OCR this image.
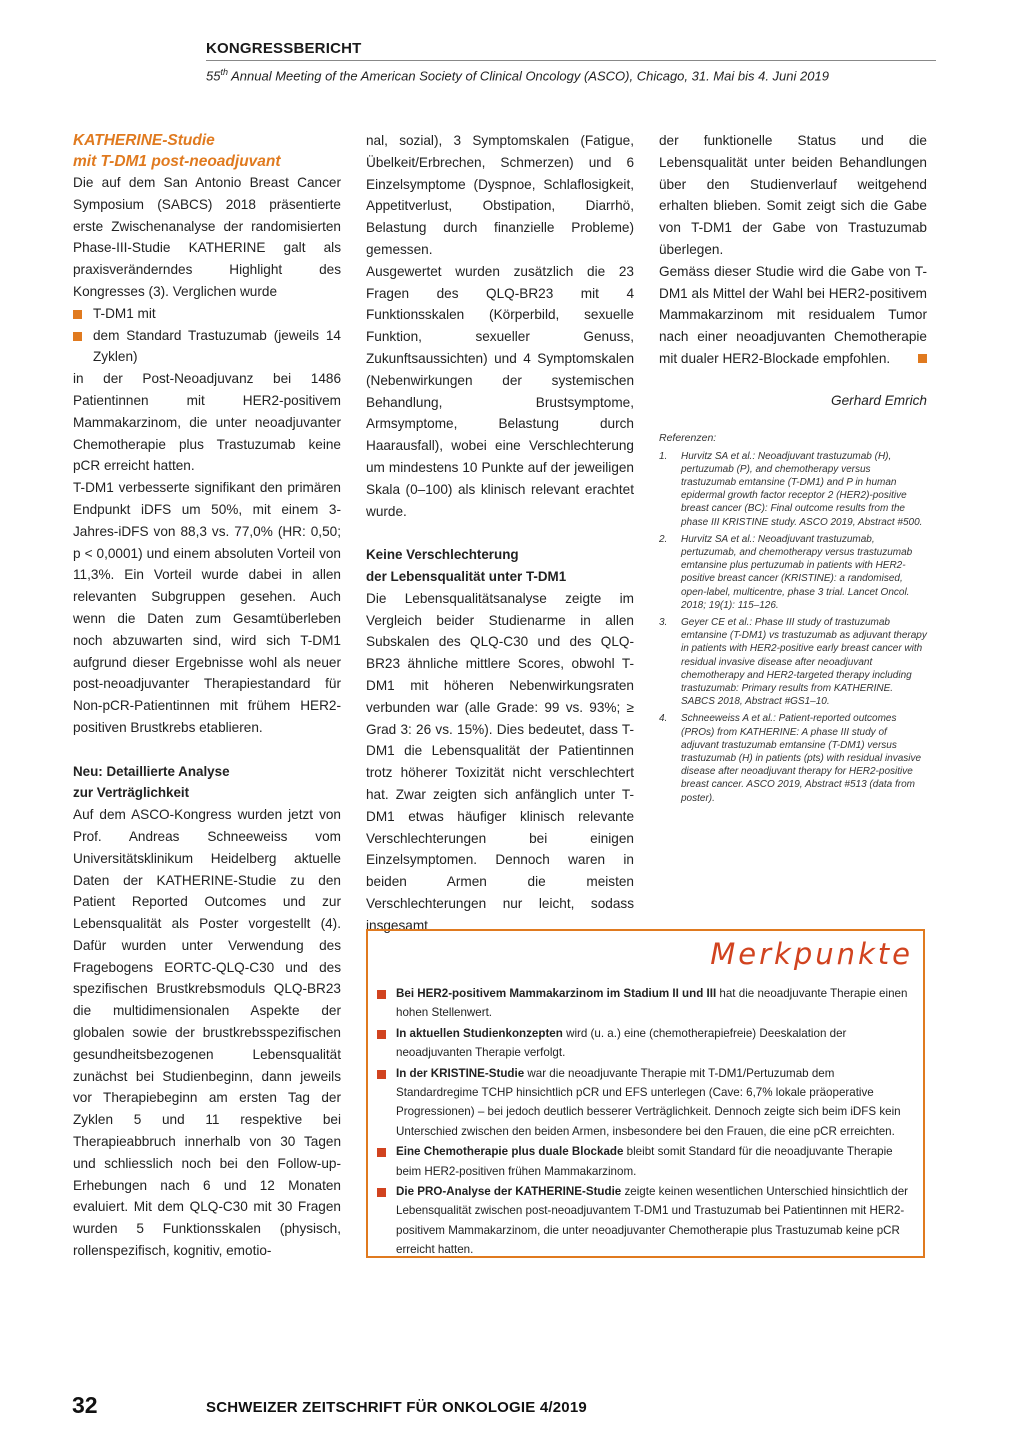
KONGRESSBERICHT
55th Annual Meeting of the American Society of Clinical Oncology (ASCO), Chicago, 31. Mai bis 4. Juni 2019

KATHERINE-Studie

mit T-DM1 post-neoadjuvant

Die auf dem San Antonio Breast Cancer Symposium (SABCS) 2018 präsentierte erste Zwischenanalyse der randomisierten Phase-III-Studie KATHERINE galt als praxisveränderndes Highlight des Kongresses (3). Verglichen wurde

T-DM1 mit

dem Standard Trastuzumab (jeweils 14 Zyklen)

in der Post-Neoadjuvanz bei 1486 Patientinnen mit HER2-positivem Mammakarzinom, die unter neoadjuvanter Chemotherapie plus Trastuzumab keine pCR erreicht hatten.

T-DM1 verbesserte signifikant den primären Endpunkt iDFS um 50%, mit einem 3-Jahres-iDFS von 88,3 vs. 77,0% (HR: 0,50; p < 0,0001) und einem absoluten Vorteil von 11,3%. Ein Vorteil wurde dabei in allen relevanten Subgruppen gesehen. Auch wenn die Daten zum Gesamtüberleben noch abzuwarten sind, wird sich T-DM1 aufgrund dieser Ergebnisse wohl als neuer post-neoadjuvanter Therapiestandard für Non-pCR-Patientinnen mit frühem HER2-positiven Brustkrebs etablieren.

Neu: Detaillierte Analyse

zur Verträglichkeit

Auf dem ASCO-Kongress wurden jetzt von Prof. Andreas Schneeweiss vom Universitätsklinikum Heidelberg aktuelle Daten der KATHERINE-Studie zu den Patient Reported Outcomes und zur Lebensqualität als Poster vorgestellt (4). Dafür wurden unter Verwendung des Fragebogens EORTC-QLQ-C30 und des spezifischen Brustkrebsmoduls QLQ-BR23 die multidimensionalen Aspekte der globalen sowie der brustkrebsspezifischen gesundheitsbezogenen Lebensqualität zunächst bei Studienbeginn, dann jeweils vor Therapiebeginn am ersten Tag der Zyklen 5 und 11 respektive bei Therapieabbruch innerhalb von 30 Tagen und schliesslich noch bei den Follow-up-Erhebungen nach 6 und 12 Monaten evaluiert. Mit dem QLQ-C30 mit 30 Fragen wurden 5 Funktionsskalen (physisch, rollenspezifisch, kognitiv, emotio-

nal, sozial), 3 Symptomskalen (Fatigue, Übelkeit/Erbrechen, Schmerzen) und 6 Einzelsymptome (Dyspnoe, Schlaflosigkeit, Appetitverlust, Obstipation, Diarrhö, Belastung durch finanzielle Probleme) gemessen.

Ausgewertet wurden zusätzlich die 23 Fragen des QLQ-BR23 mit 4 Funktionsskalen (Körperbild, sexuelle Funktion, sexueller Genuss, Zukunftsaussichten) und 4 Symptomskalen (Nebenwirkungen der systemischen Behandlung, Brustsymptome, Armsymptome, Belastung durch Haarausfall), wobei eine Verschlechterung um mindestens 10 Punkte auf der jeweiligen Skala (0–100) als klinisch relevant erachtet wurde.

Keine Verschlechterung

der Lebensqualität unter T-DM1

Die Lebensqualitätsanalyse zeigte im Vergleich beider Studienarme in allen Subskalen des QLQ-C30 und des QLQ-BR23 ähnliche mittlere Scores, obwohl T-DM1 mit höheren Nebenwirkungsraten verbunden war (alle Grade: 99 vs. 93%; ≥ Grad 3: 26 vs. 15%). Dies bedeutet, dass T-DM1 die Lebensqualität der Patientinnen trotz höherer Toxizität nicht verschlechtert hat. Zwar zeigten sich anfänglich unter T-DM1 etwas häufiger klinisch relevante Verschlechterungen bei einigen Einzelsymptomen. Dennoch waren in beiden Armen die meisten Verschlechterungen nur leicht, sodass insgesamt

der funktionelle Status und die Lebensqualität unter beiden Behandlungen über den Studienverlauf weitgehend erhalten blieben. Somit zeigt sich die Gabe von T-DM1 der Gabe von Trastuzumab überlegen.

Gemäss dieser Studie wird die Gabe von T-DM1 als Mittel der Wahl bei HER2-positivem Mammakarzinom mit residualem Tumor nach einer neoadjuvanten Chemotherapie mit dualer HER2-Blockade empfohlen.

Gerhard Emrich

Referenzen:

1. Hurvitz SA et al.: Neoadjuvant trastuzumab (H), pertuzumab (P), and chemotherapy versus trastuzumab emtansine (T-DM1) and P in human epidermal growth factor receptor 2 (HER2)-positive breast cancer (BC): Final outcome results from the phase III KRISTINE study. ASCO 2019, Abstract #500.

2. Hurvitz SA et al.: Neoadjuvant trastuzumab, pertuzumab, and chemotherapy versus trastuzumab emtansine plus pertuzumab in patients with HER2-positive breast cancer (KRISTINE): a randomised, open-label, multicentre, phase 3 trial. Lancet Oncol. 2018; 19(1): 115–126.

3. Geyer CE et al.: Phase III study of trastuzumab emtansine (T-DM1) vs trastuzumab as adjuvant therapy in patients with HER2-positive early breast cancer with residual invasive disease after neoadjuvant chemotherapy and HER2-targeted therapy including trastuzumab: Primary results from KATHERINE. SABCS 2018, Abstract #GS1–10.

4. Schneeweiss A et al.: Patient-reported outcomes (PROs) from KATHERINE: A phase III study of adjuvant trastuzumab emtansine (T-DM1) versus trastuzumab (H) in patients (pts) with residual invasive disease after neoadjuvant therapy for HER2-positive breast cancer. ASCO 2019, Abstract #513 (data from poster).

Merkpunkte

Bei HER2-positivem Mammakarzinom im Stadium II und III hat die neoadjuvante Therapie einen hohen Stellenwert.

In aktuellen Studienkonzepten wird (u. a.) eine (chemotherapiefreie) Deeskalation der neoadjuvanten Therapie verfolgt.

In der KRISTINE-Studie war die neoadjuvante Therapie mit T-DM1/Pertuzumab dem Standardregime TCHP hinsichtlich pCR und EFS unterlegen (Cave: 6,7% lokale präoperative Progressionen) – bei jedoch deutlich besserer Verträglichkeit. Dennoch zeigte sich beim iDFS kein Unterschied zwischen den beiden Armen, insbesondere bei den Frauen, die eine pCR erreichten.

Eine Chemotherapie plus duale Blockade bleibt somit Standard für die neoadjuvante Therapie beim HER2-positiven frühen Mammakarzinom.

Die PRO-Analyse der KATHERINE-Studie zeigte keinen wesentlichen Unterschied hinsichtlich der Lebensqualität zwischen post-neoadjuvantem T-DM1 und Trastuzumab bei Patientinnen mit HER2-positivem Mammakarzinom, die unter neoadjuvanter Chemotherapie plus Trastuzumab keine pCR erreicht hatten.

32	SCHWEIZER ZEITSCHRIFT FÜR ONKOLOGIE 4/2019
